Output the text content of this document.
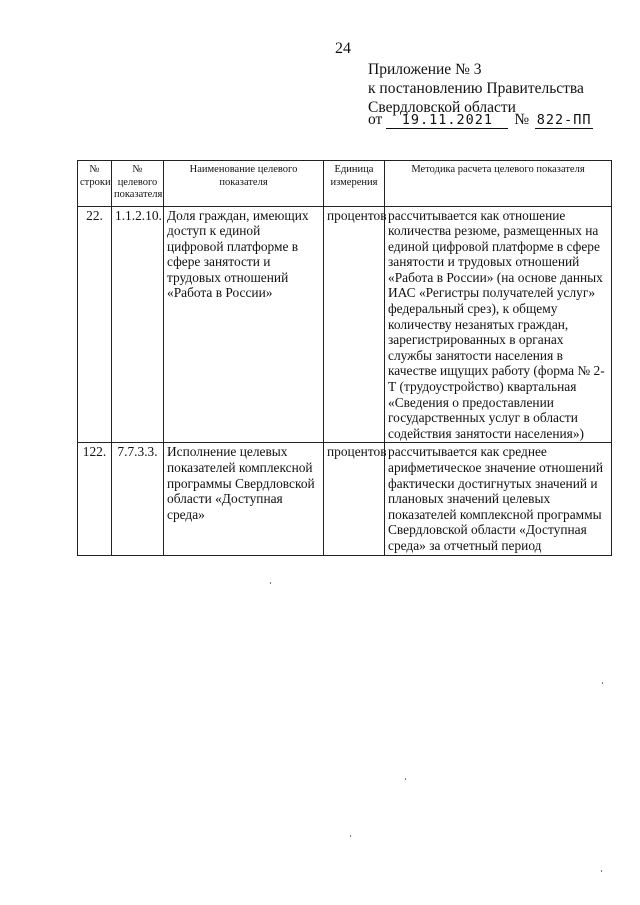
24
Приложение № 3
к постановлению Правительства
Свердловской области
от	19.11.2021	№ 822-ПП
№ строки	№ целевого показателя	Наименование целевого показателя	Единица измерения	Методика расчета целевого показателя
22.	1.1.2.10.	Доля граждан, имеющих доступ к единой цифровой платформе в сфере занятости и трудовых отношений «Работа в России»	процентов	рассчитывается как отношение количества резюме, размещенных на единой цифровой платформе в сфере занятости и трудовых отношений «Работа в России» (на основе данных ИАС «Регистры получателей услуг» федеральный срез), к общему количеству незанятых граждан, зарегистрированных в органах службы занятости населения в качестве ищущих работу (форма № 2-Т (трудоустройство) квартальная «Сведения о предоставлении государственных услуг в области содействия занятости населения»)
122.	7.7.3.3.	Исполнение целевых показателей комплексной программы Свердловской области «Доступная среда»	процентов	рассчитывается как среднее арифметическое значение отношений фактически достигнутых значений и плановых значений целевых показателей комплексной программы Свердловской области «Доступная среда» за отчетный период
